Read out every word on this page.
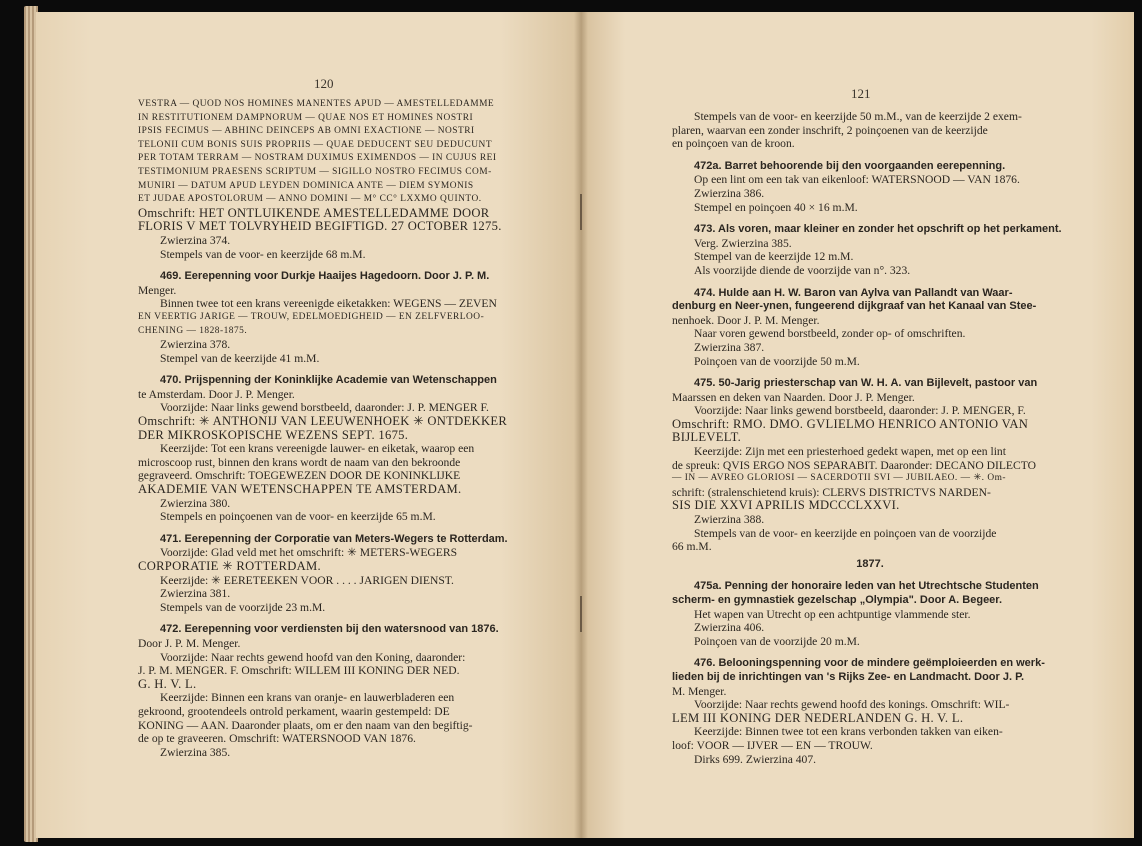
120
121

VESTRA — QUOD NOS HOMINES MANENTES APUD — AMESTELLEDAMME

IN RESTITUTIONEM DAMPNORUM — QUAE NOS ET HOMINES NOSTRI

IPSIS FECIMUS — ABHINC DEINCEPS AB OMNI EXACTIONE — NOSTRI

TELONII CUM BONIS SUIS PROPRIIS — QUAE DEDUCENT SEU DEDUCUNT

PER TOTAM TERRAM — NOSTRAM DUXIMUS EXIMENDOS — IN CUJUS REI

TESTIMONIUM PRAESENS SCRIPTUM — SIGILLO NOSTRO FECIMUS COM-

MUNIRI — DATUM APUD LEYDEN DOMINICA ANTE — DIEM SYMONIS

ET JUDAE APOSTOLORUM — ANNO DOMINI — M° CC° LXXMO QUINTO.

Omschrift: HET ONTLUIKENDE AMESTELLEDAMME DOOR

FLORIS V MET TOLVRYHEID BEGIFTIGD. 27 OCTOBER 1275.

Zwierzina 374.

Stempels van de voor- en keerzijde 68 m.M.

469. Eerepenning voor Durkje Haaijes Hagedoorn. Door J. P. M.

Menger.

Binnen twee tot een krans vereenigde eiketakken: WEGENS — ZEVEN

EN VEERTIG JARIGE — TROUW, EDELMOEDIGHEID — EN ZELFVERLOO-

CHENING — 1828-1875.

Zwierzina 378.

Stempel van de keerzijde 41 m.M.

470. Prijspenning der Koninklijke Academie van Wetenschappen

te Amsterdam. Door J. P. Menger.

Voorzijde: Naar links gewend borstbeeld, daaronder: J. P. MENGER F.

Omschrift: ✳ ANTHONIJ VAN LEEUWENHOEK ✳ ONTDEKKER

DER MIKROSKOPISCHE WEZENS SEPT. 1675.

Keerzijde: Tot een krans vereenigde lauwer- en eiketak, waarop een

microscoop rust, binnen den krans wordt de naam van den bekroonde

gegraveerd. Omschrift: TOEGEWEZEN DOOR DE KONINKLIJKE

AKADEMIE VAN WETENSCHAPPEN TE AMSTERDAM.

Zwierzina 380.

Stempels en poinçoenen van de voor- en keerzijde 65 m.M.

471. Eerepenning der Corporatie van Meters-Wegers te Rotterdam.

Voorzijde: Glad veld met het omschrift: ✳ METERS-WEGERS

CORPORATIE ✳ ROTTERDAM.

Keerzijde: ✳ EERETEEKEN VOOR . . . . JARIGEN DIENST.

Zwierzina 381.

Stempels van de voorzijde 23 m.M.

472. Eerepenning voor verdiensten bij den watersnood van 1876.

Door J. P. M. Menger.

Voorzijde: Naar rechts gewend hoofd van den Koning, daaronder:

J. P. M. MENGER. F. Omschrift: WILLEM III KONING DER NED.

G. H. V. L.

Keerzijde: Binnen een krans van oranje- en lauwerbladeren een

gekroond, grootendeels ontrold perkament, waarin gestempeld: DE

KONING — AAN. Daaronder plaats, om er den naam van den begiftig-

de op te graveeren. Omschrift: WATERSNOOD VAN 1876.

Zwierzina 385.

Stempels van de voor- en keerzijde 50 m.M., van de keerzijde 2 exem-

plaren, waarvan een zonder inschrift, 2 poinçoenen van de keerzijde

en poinçoen van de kroon.

472a. Barret behoorende bij den voorgaanden eerepenning.

Op een lint om een tak van eikenloof: WATERSNOOD — VAN 1876.

Zwierzina 386.

Stempel en poinçoen 40 × 16 m.M.

473. Als voren, maar kleiner en zonder het opschrift op het perkament.

Verg. Zwierzina 385.

Stempel van de keerzijde 12 m.M.

Als voorzijde diende de voorzijde van n°. 323.

474. Hulde aan H. W. Baron van Aylva van Pallandt van Waar-

denburg en Neer-ynen, fungeerend dijkgraaf van het Kanaal van Stee-

nenhoek. Door J. P. M. Menger.

Naar voren gewend borstbeeld, zonder op- of omschriften.

Zwierzina 387.

Poinçoen van de voorzijde 50 m.M.

475. 50-Jarig priesterschap van W. H. A. van Bijlevelt, pastoor van

Maarssen en deken van Naarden. Door J. P. Menger.

Voorzijde: Naar links gewend borstbeeld, daaronder: J. P. MENGER, F.

Omschrift: RMO. DMO. GVLIELMO HENRICO ANTONIO VAN

BIJLEVELT.

Keerzijde: Zijn met een priesterhoed gedekt wapen, met op een lint

de spreuk: QVIS ERGO NOS SEPARABIT. Daaronder: DECANO DILECTO

— IN — AVREO GLORIOSI — SACERDOTII SVI — JUBILAEO. — ✳. Om-

schrift: (stralenschietend kruis): CLERVS DISTRICTVS NARDEN-

SIS DIE XXVI APRILIS MDCCCLXXVI.

Zwierzina 388.

Stempels van de voor- en keerzijde en poinçoen van de voorzijde

66 m.M.

1877.

475a. Penning der honoraire leden van het Utrechtsche Studenten

scherm- en gymnastiek gezelschap „Olympia". Door A. Begeer.

Het wapen van Utrecht op een achtpuntige vlammende ster.

Zwierzina 406.

Poinçoen van de voorzijde 20 m.M.

476. Belooningspenning voor de mindere geëmploieerden en werk-

lieden bij de inrichtingen van 's Rijks Zee- en Landmacht. Door J. P.

M. Menger.

Voorzijde: Naar rechts gewend hoofd des konings. Omschrift: WIL-

LEM III KONING DER NEDERLANDEN G. H. V. L.

Keerzijde: Binnen twee tot een krans verbonden takken van eiken-

loof: VOOR — IJVER — EN — TROUW.

Dirks 699. Zwierzina 407.
